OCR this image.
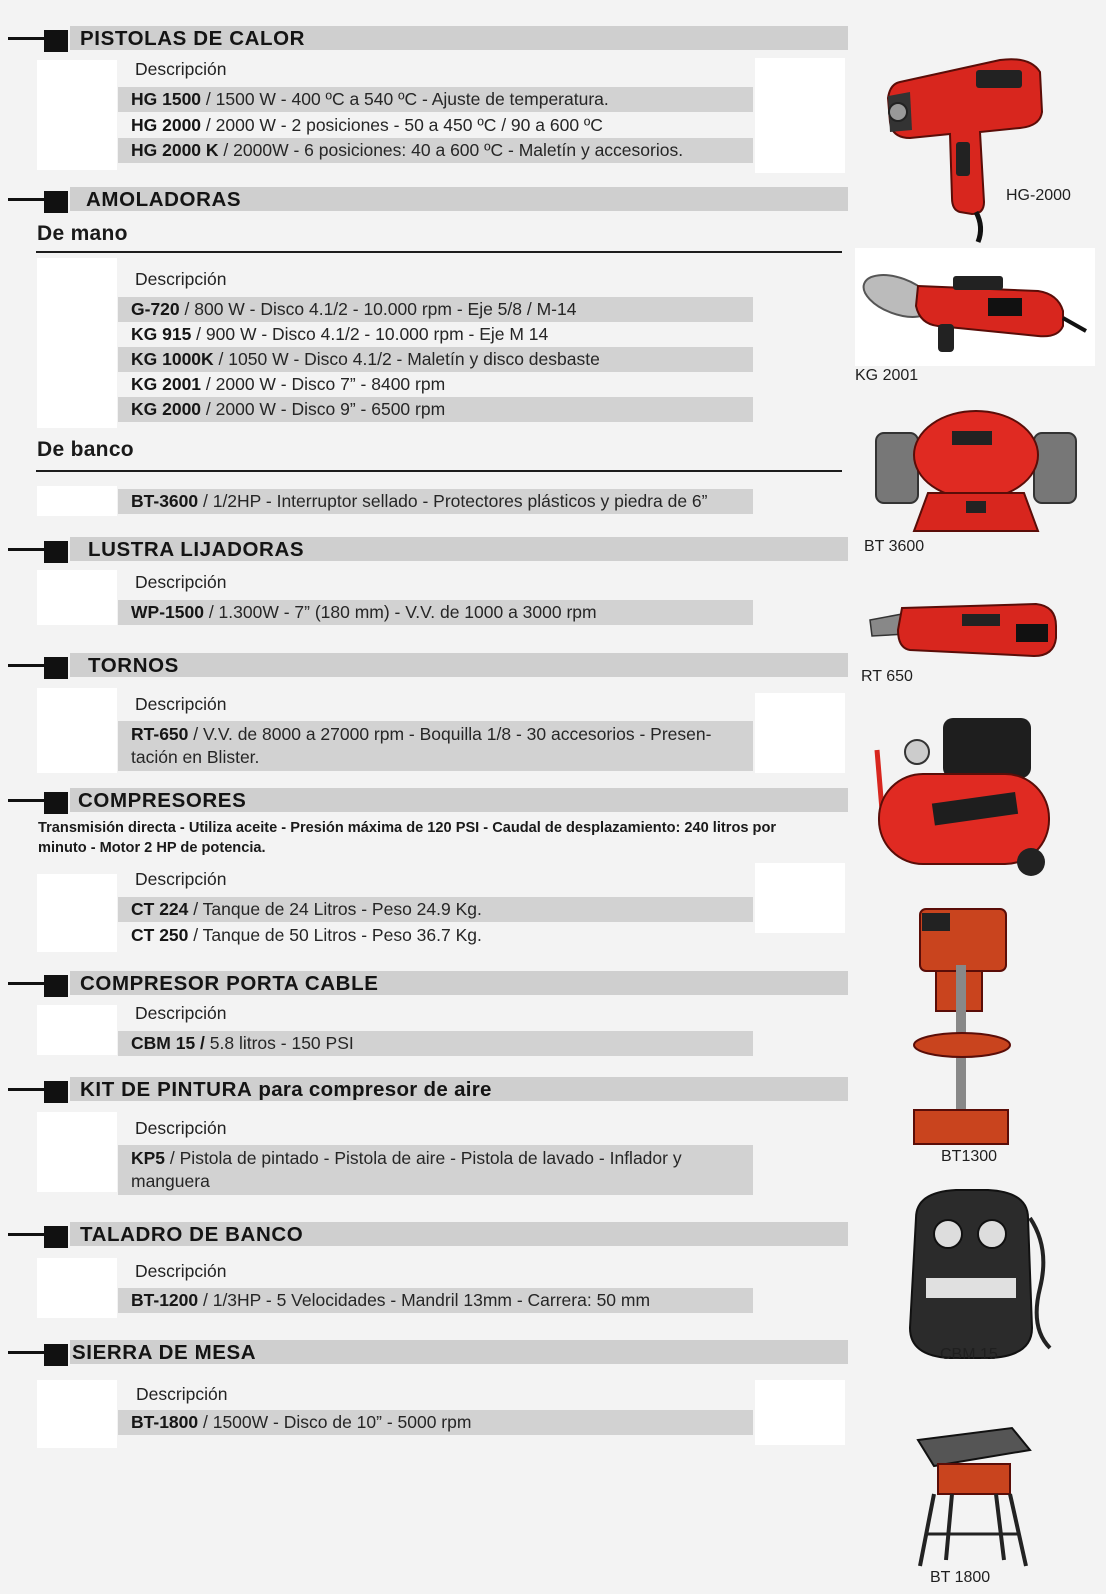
PISTOLAS DE CALOR
Descripción
HG 1500 / 1500 W - 400 ºC a 540 ºC - Ajuste de temperatura.
HG 2000 / 2000 W - 2 posiciones - 50 a 450 ºC / 90 a 600 ºC
HG 2000 K / 2000W - 6 posiciones: 40 a 600 ºC - Maletín y accesorios.
AMOLADORAS
De mano
Descripción
G-720 / 800 W - Disco 4.1/2 - 10.000 rpm - Eje 5/8 / M-14
KG 915 / 900 W - Disco 4.1/2 - 10.000 rpm - Eje M 14
KG 1000K / 1050 W - Disco 4.1/2 - Maletín y disco desbaste
KG 2001 / 2000 W - Disco 7” - 8400 rpm
KG 2000 / 2000 W - Disco 9” - 6500 rpm
De banco
BT-3600 / 1/2HP - Interruptor sellado - Protectores plásticos y piedra de 6”
LUSTRA LIJADORAS
Descripción
WP-1500 / 1.300W - 7” (180 mm) - V.V. de 1000 a 3000 rpm
TORNOS
Descripción
RT-650 / V.V. de 8000 a 27000 rpm - Boquilla 1/8 - 30 accesorios - Presen-tación en Blister.
COMPRESORES
Transmisión directa - Utiliza aceite - Presión máxima de 120 PSI - Caudal de desplazamiento: 240 litros por minuto - Motor 2 HP de potencia.
Descripción
CT 224 / Tanque de 24 Litros - Peso 24.9 Kg.
CT 250 / Tanque de 50 Litros - Peso 36.7 Kg.
COMPRESOR PORTA CABLE
Descripción
CBM 15 / 5.8 litros - 150 PSI
KIT DE PINTURA para compresor de aire
Descripción
KP5 / Pistola de pintado - Pistola de aire - Pistola de lavado - Inflador y manguera
TALADRO DE BANCO
Descripción
BT-1200 / 1/3HP - 5 Velocidades - Mandril 13mm - Carrera: 50 mm
SIERRA DE MESA
Descripción
BT-1800 / 1500W - Disco de 10” - 5000 rpm
HG-2000
KG 2001
BT 3600
RT 650
BT1300
CBM 15
BT 1800
